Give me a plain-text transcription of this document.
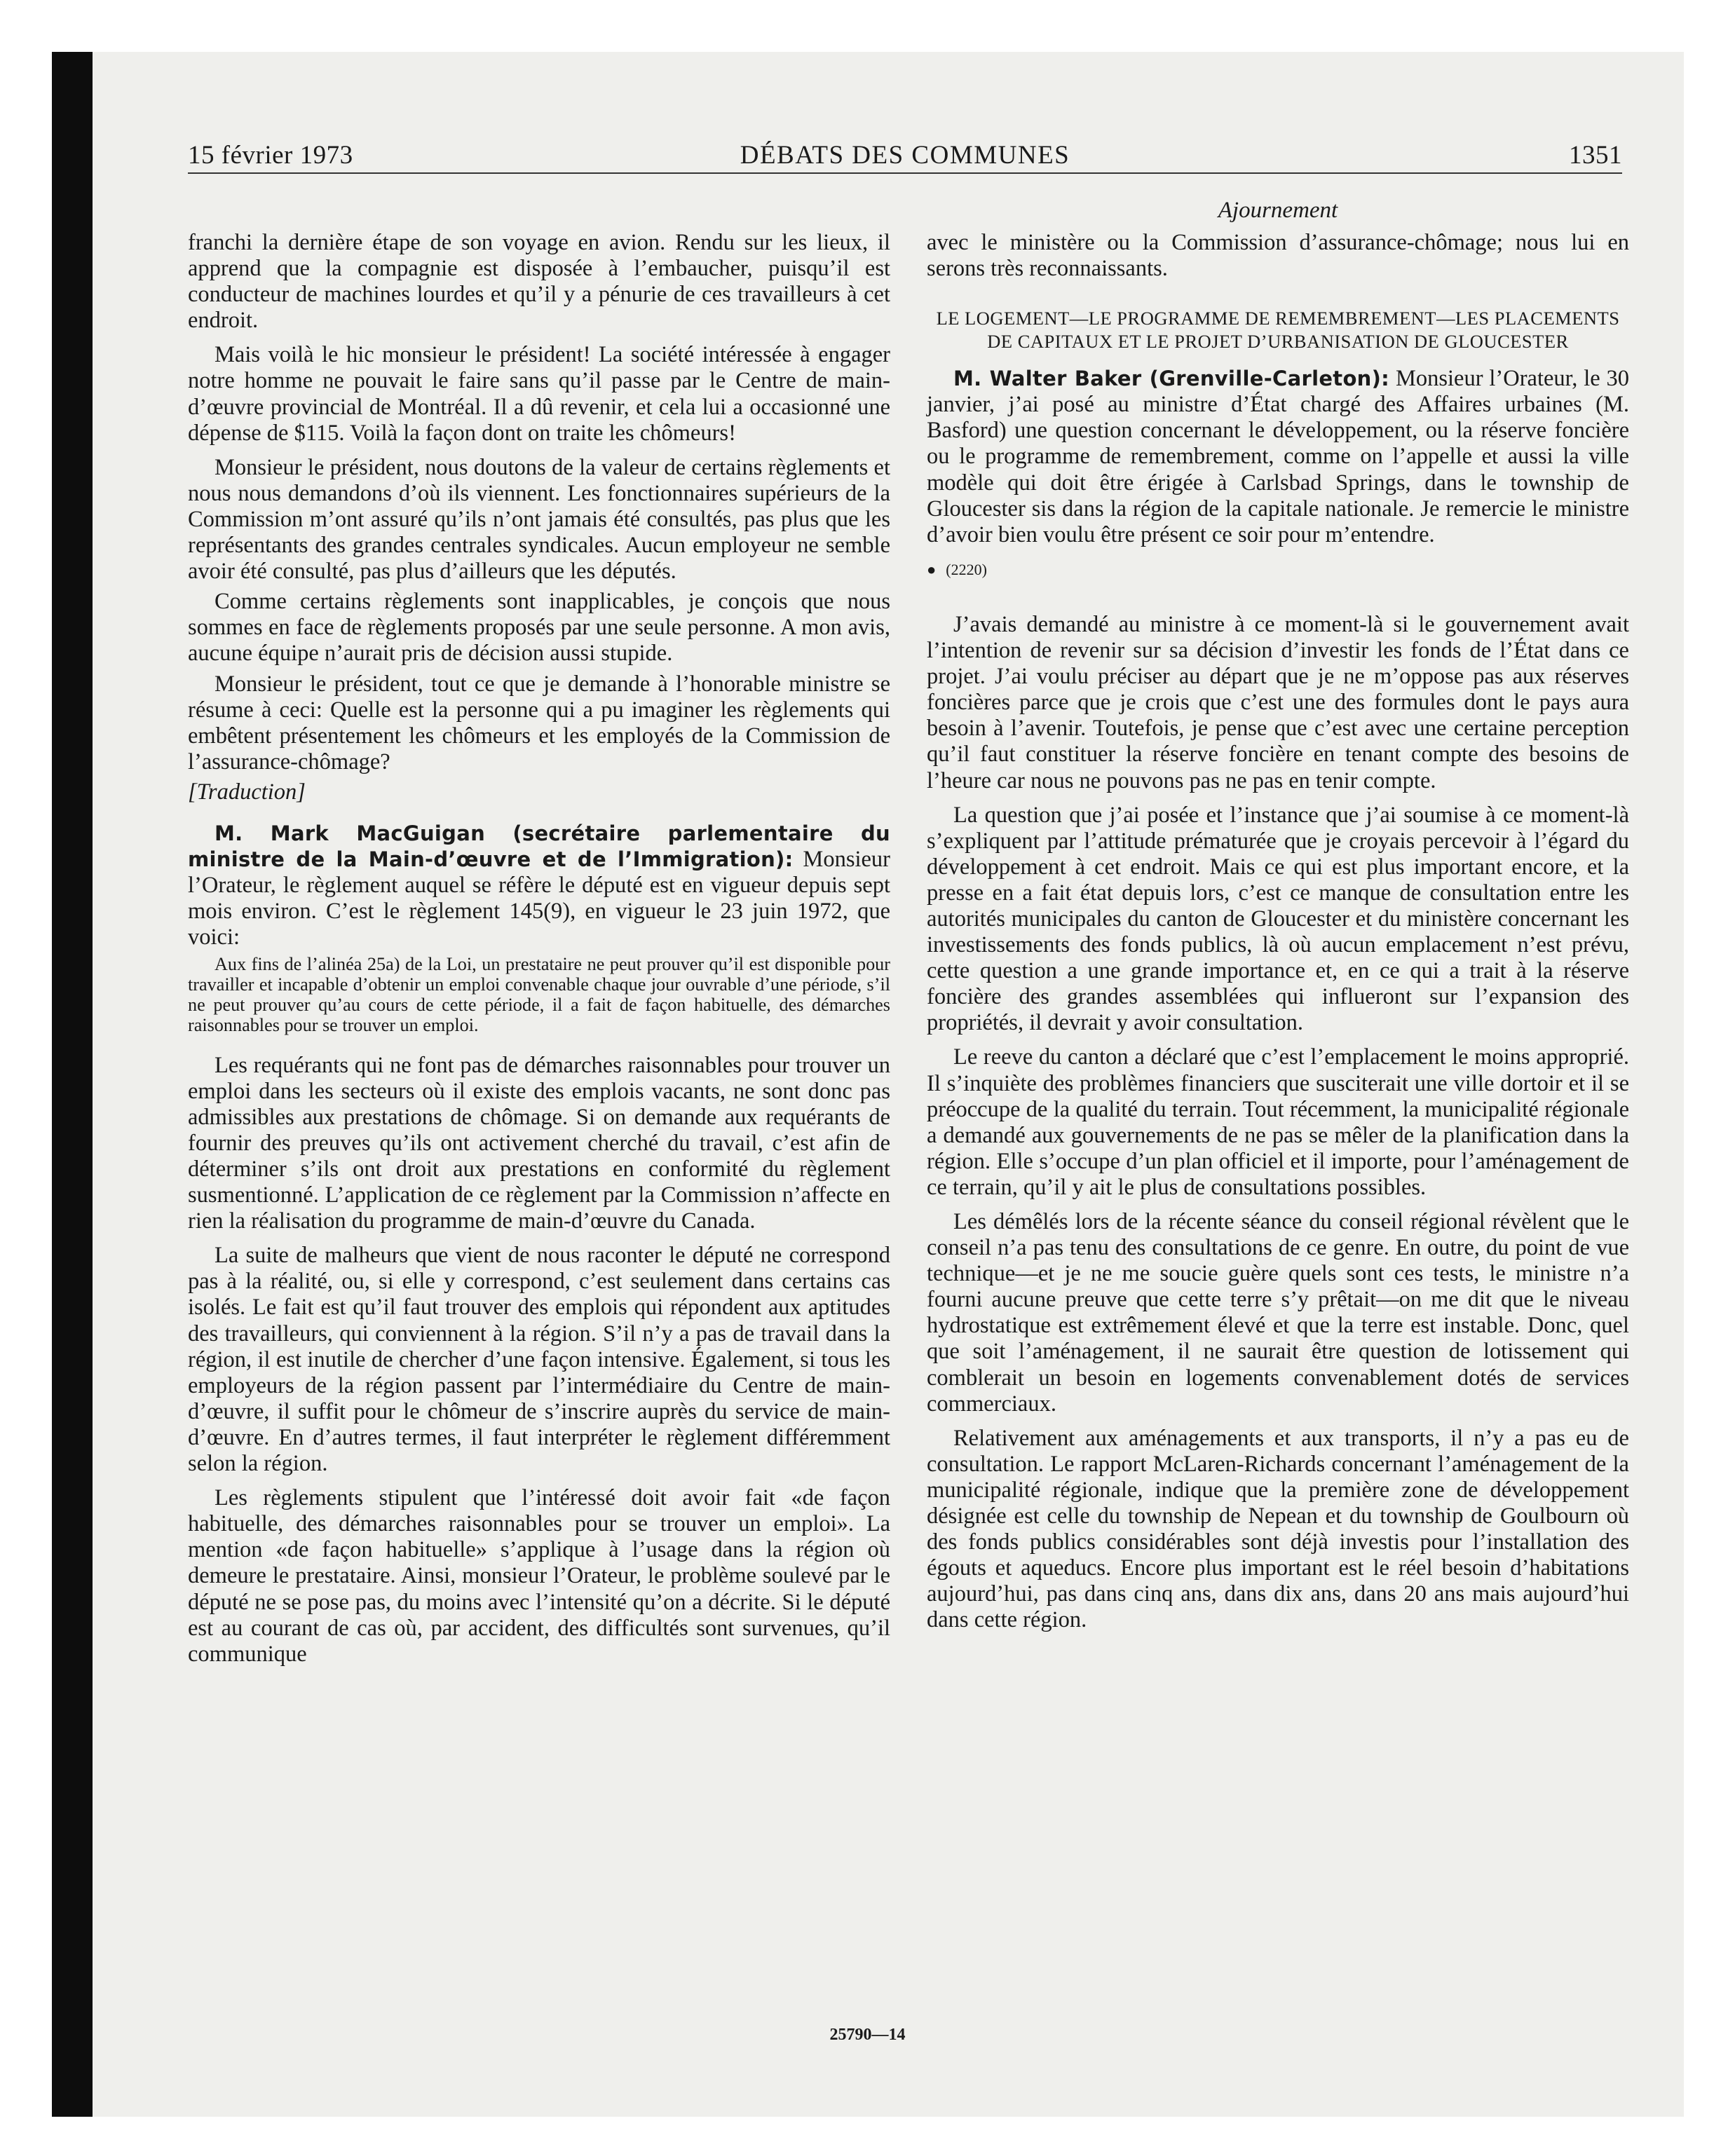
15 février 1973	DÉBATS DES COMMUNES	1351

franchi la dernière étape de son voyage en avion. Rendu sur les lieux, il apprend que la compagnie est disposée à l’embaucher, puisqu’il est conducteur de machines lourdes et qu’il y a pénurie de ces travailleurs à cet endroit.

Mais voilà le hic monsieur le président! La société intéressée à engager notre homme ne pouvait le faire sans qu’il passe par le Centre de main-d’œuvre provincial de Montréal. Il a dû revenir, et cela lui a occasionné une dépense de $115. Voilà la façon dont on traite les chômeurs!

Monsieur le président, nous doutons de la valeur de certains règlements et nous nous demandons d’où ils viennent. Les fonctionnaires supérieurs de la Commission m’ont assuré qu’ils n’ont jamais été consultés, pas plus que les représentants des grandes centrales syndicales. Aucun employeur ne semble avoir été consulté, pas plus d’ailleurs que les députés.

Comme certains règlements sont inapplicables, je conçois que nous sommes en face de règlements proposés par une seule personne. A mon avis, aucune équipe n’aurait pris de décision aussi stupide.

Monsieur le président, tout ce que je demande à l’honorable ministre se résume à ceci: Quelle est la personne qui a pu imaginer les règlements qui embêtent présentement les chômeurs et les employés de la Commission de l’assurance-chômage?

[Traduction]

M. Mark MacGuigan (secrétaire parlementaire du ministre de la Main-d’œuvre et de l’Immigration): Monsieur l’Orateur, le règlement auquel se réfère le député est en vigueur depuis sept mois environ. C’est le règlement 145(9), en vigueur le 23 juin 1972, que voici:

Aux fins de l’alinéa 25a) de la Loi, un prestataire ne peut prouver qu’il est disponible pour travailler et incapable d’obtenir un emploi convenable chaque jour ouvrable d’une période, s’il ne peut prouver qu’au cours de cette période, il a fait de façon habituelle, des démarches raisonnables pour se trouver un emploi.

Les requérants qui ne font pas de démarches raisonnables pour trouver un emploi dans les secteurs où il existe des emplois vacants, ne sont donc pas admissibles aux prestations de chômage. Si on demande aux requérants de fournir des preuves qu’ils ont activement cherché du travail, c’est afin de déterminer s’ils ont droit aux prestations en conformité du règlement susmentionné. L’application de ce règlement par la Commission n’affecte en rien la réalisation du programme de main-d’œuvre du Canada.

La suite de malheurs que vient de nous raconter le député ne correspond pas à la réalité, ou, si elle y correspond, c’est seulement dans certains cas isolés. Le fait est qu’il faut trouver des emplois qui répondent aux aptitudes des travailleurs, qui conviennent à la région. S’il n’y a pas de travail dans la région, il est inutile de chercher d’une façon intensive. Également, si tous les employeurs de la région passent par l’intermédiaire du Centre de main-d’œuvre, il suffit pour le chômeur de s’inscrire auprès du service de main-d’œuvre. En d’autres termes, il faut interpréter le règlement différemment selon la région.

Les règlements stipulent que l’intéressé doit avoir fait «de façon habituelle, des démarches raisonnables pour se trouver un emploi». La mention «de façon habituelle» s’applique à l’usage dans la région où demeure le prestataire. Ainsi, monsieur l’Orateur, le problème soulevé par le député ne se pose pas, du moins avec l’intensité qu’on a décrite. Si le député est au courant de cas où, par accident, des difficultés sont survenues, qu’il communique

Ajournement

avec le ministère ou la Commission d’assurance-chômage; nous lui en serons très reconnaissants.

LE LOGEMENT—LE PROGRAMME DE REMEMBREMENT—LES PLACEMENTS DE CAPITAUX ET LE PROJET D’URBANISATION DE GLOUCESTER

M. Walter Baker (Grenville-Carleton): Monsieur l’Orateur, le 30 janvier, j’ai posé au ministre d’État chargé des Affaires urbaines (M. Basford) une question concernant le développement, ou la réserve foncière ou le programme de remembrement, comme on l’appelle et aussi la ville modèle qui doit être érigée à Carlsbad Springs, dans le township de Gloucester sis dans la région de la capitale nationale. Je remercie le ministre d’avoir bien voulu être présent ce soir pour m’entendre.

● (2220)

J’avais demandé au ministre à ce moment-là si le gouvernement avait l’intention de revenir sur sa décision d’investir les fonds de l’État dans ce projet. J’ai voulu préciser au départ que je ne m’oppose pas aux réserves foncières parce que je crois que c’est une des formules dont le pays aura besoin à l’avenir. Toutefois, je pense que c’est avec une certaine perception qu’il faut constituer la réserve foncière en tenant compte des besoins de l’heure car nous ne pouvons pas ne pas en tenir compte.

La question que j’ai posée et l’instance que j’ai soumise à ce moment-là s’expliquent par l’attitude prématurée que je croyais percevoir à l’égard du développement à cet endroit. Mais ce qui est plus important encore, et la presse en a fait état depuis lors, c’est ce manque de consultation entre les autorités municipales du canton de Gloucester et du ministère concernant les investissements des fonds publics, là où aucun emplacement n’est prévu, cette question a une grande importance et, en ce qui a trait à la réserve foncière des grandes assemblées qui influeront sur l’expansion des propriétés, il devrait y avoir consultation.

Le reeve du canton a déclaré que c’est l’emplacement le moins approprié. Il s’inquiète des problèmes financiers que susciterait une ville dortoir et il se préoccupe de la qualité du terrain. Tout récemment, la municipalité régionale a demandé aux gouvernements de ne pas se mêler de la planification dans la région. Elle s’occupe d’un plan officiel et il importe, pour l’aménagement de ce terrain, qu’il y ait le plus de consultations possibles.

Les démêlés lors de la récente séance du conseil régional révèlent que le conseil n’a pas tenu des consultations de ce genre. En outre, du point de vue technique—et je ne me soucie guère quels sont ces tests, le ministre n’a fourni aucune preuve que cette terre s’y prêtait—on me dit que le niveau hydrostatique est extrêmement élevé et que la terre est instable. Donc, quel que soit l’aménagement, il ne saurait être question de lotissement qui comblerait un besoin en logements convenablement dotés de services commerciaux.

Relativement aux aménagements et aux transports, il n’y a pas eu de consultation. Le rapport McLaren-Richards concernant l’aménagement de la municipalité régionale, indique que la première zone de développement désignée est celle du township de Nepean et du township de Goulbourn où des fonds publics considérables sont déjà investis pour l’installation des égouts et aqueducs. Encore plus important est le réel besoin d’habitations aujourd’hui, pas dans cinq ans, dans dix ans, dans 20 ans mais aujourd’hui dans cette région.

25790—14
